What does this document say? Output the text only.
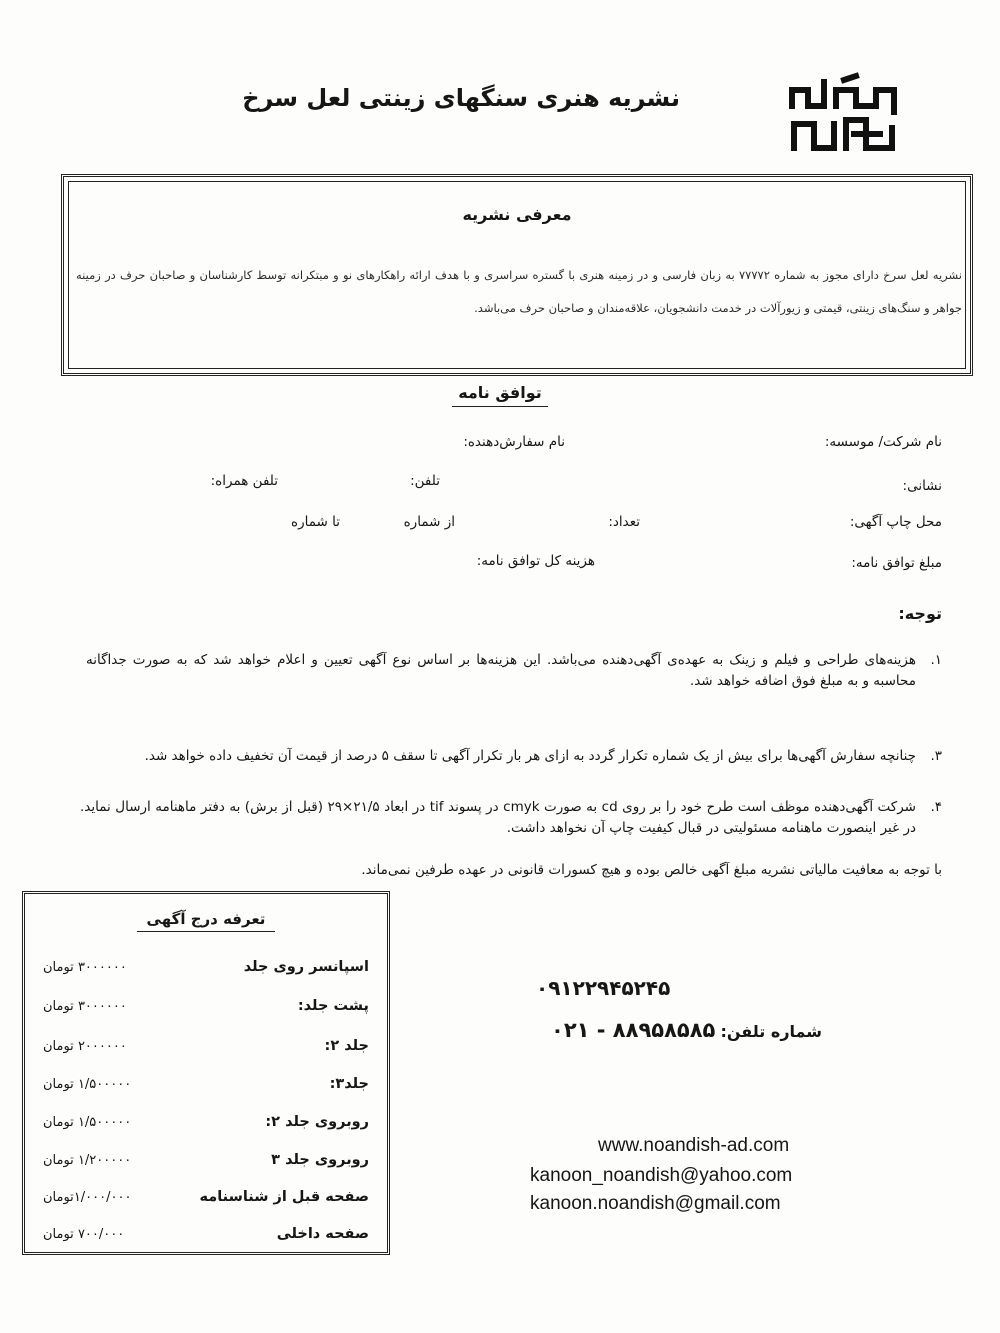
نشریه هنری سنگهای زینتی لعل سرخ
معرفی نشریه
نشریه لعل سرخ دارای مجوز به شماره ۷۷۷۷۲ به زبان فارسی و در زمینه هنری با گستره سراسری و با هدف ارائه راهکارهای نو و مبتکرانه توسط کارشناسان و صاحبان حرف در زمینه جواهر و سنگ‌های زینتی، قیمتی و زیورآلات در خدمت دانشجویان، علاقه‌مندان و صاحبان حرف می‌باشد.
توافق نامه
نام شرکت/ موسسه:
نام سفارش‌دهنده:
نشانی:
تلفن:
تلفن همراه:
محل چاپ آگهی:
تعداد:
از شماره
تا شماره
مبلغ توافق نامه:
هزینه کل توافق نامه:
توجه:
۱.
هزینه‌های طراحی و فیلم و زینک به عهده‌ی آگهی‌دهنده می‌باشد. این هزینه‌ها بر اساس نوع آگهی تعیین و اعلام خواهد شد که به صورت جداگانه محاسبه و به مبلغ فوق اضافه خواهد شد.
۳.
چنانچه سفارش آگهی‌ها برای بیش از یک شماره تکرار گردد به ازای هر بار تکرار آگهی تا سقف ۵ درصد از قیمت آن تخفیف داده خواهد شد.
۴.
شرکت آگهی‌دهنده موظف است طرح خود را بر روی cd به صورت cmyk در پسوند tif در ابعاد ۲۱/۵×۲۹ (قبل از برش) به دفتر ماهنامه ارسال نماید. در غیر اینصورت ماهنامه مسئولیتی در قبال کیفیت چاپ آن نخواهد داشت.
با توجه به معافیت مالیاتی نشریه مبلغ آگهی خالص بوده و هیچ کسورات قانونی در عهده طرفین نمی‌ماند.
تعرفه درج آگهی
اسپانسر روی جلد
۳۰۰۰۰۰۰ تومان
پشت جلد:
۳۰۰۰۰۰۰ تومان
جلد ۲:
۲۰۰۰۰۰۰ تومان
جلد۳:
۱/۵۰۰۰۰۰ تومان
روبروی جلد ۲:
۱/۵۰۰۰۰۰ تومان
روبروی جلد ۳
۱/۲۰۰۰۰۰ تومان
صفحه قبل از شناسنامه
۱/۰۰۰/۰۰۰تومان
صفحه داخلی
۷۰۰/۰۰۰ تومان
۰۹۱۲۲۹۴۵۲۴۵
شماره تلفن: ۰۲۱ - ۸۸۹۵۸۵۸۵
www.noandish-ad.com
kanoon_noandish@yahoo.com
kanoon.noandish@gmail.com
